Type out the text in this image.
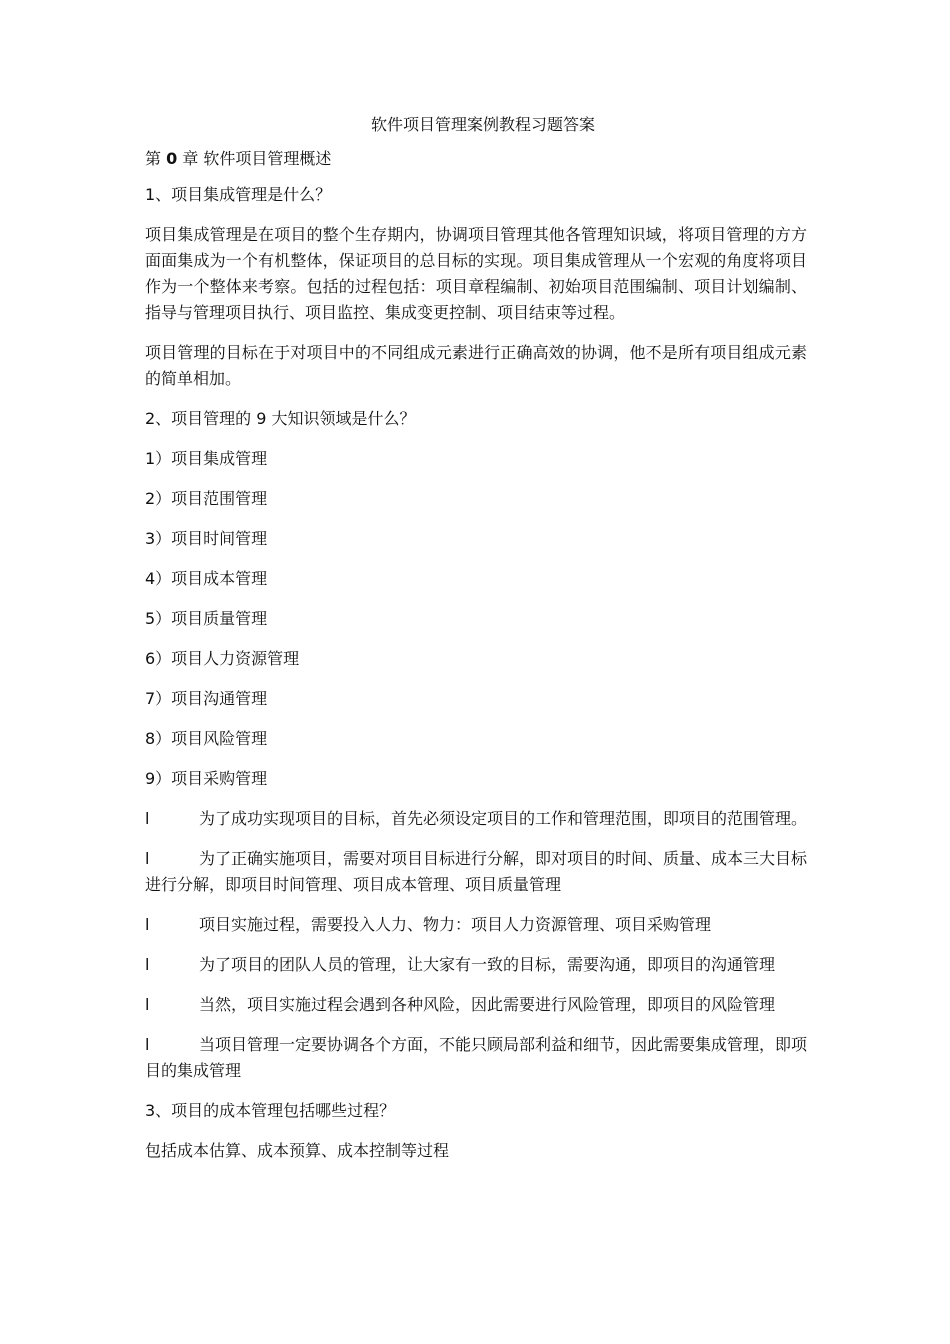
软件项目管理案例教程习题答案

第 0 章 软件项目管理概述

1、项目集成管理是什么？

项目集成管理是在项目的整个生存期内，协调项目管理其他各管理知识域，将项目管理的方方面面集成为一个有机整体，保证项目的总目标的实现。项目集成管理从一个宏观的角度将项目作为一个整体来考察。包括的过程包括：项目章程编制、初始项目范围编制、项目计划编制、指导与管理项目执行、项目监控、集成变更控制、项目结束等过程。

项目管理的目标在于对项目中的不同组成元素进行正确高效的协调，他不是所有项目组成元素的简单相加。

2、项目管理的 9 大知识领域是什么？

1）项目集成管理

2）项目范围管理

3）项目时间管理

4）项目成本管理

5）项目质量管理

6）项目人力资源管理

7）项目沟通管理

8）项目风险管理

9）项目采购管理

l	为了成功实现项目的目标，首先必须设定项目的工作和管理范围，即项目的范围管理。

l	为了正确实施项目，需要对项目目标进行分解，即对项目的时间、质量、成本三大目标进行分解，即项目时间管理、项目成本管理、项目质量管理

l	项目实施过程，需要投入人力、物力：项目人力资源管理、项目采购管理

l	为了项目的团队人员的管理，让大家有一致的目标，需要沟通，即项目的沟通管理

l	当然，项目实施过程会遇到各种风险，因此需要进行风险管理，即项目的风险管理

l	当项目管理一定要协调各个方面，不能只顾局部利益和细节，因此需要集成管理，即项目的集成管理

3、项目的成本管理包括哪些过程？

包括成本估算、成本预算、成本控制等过程
